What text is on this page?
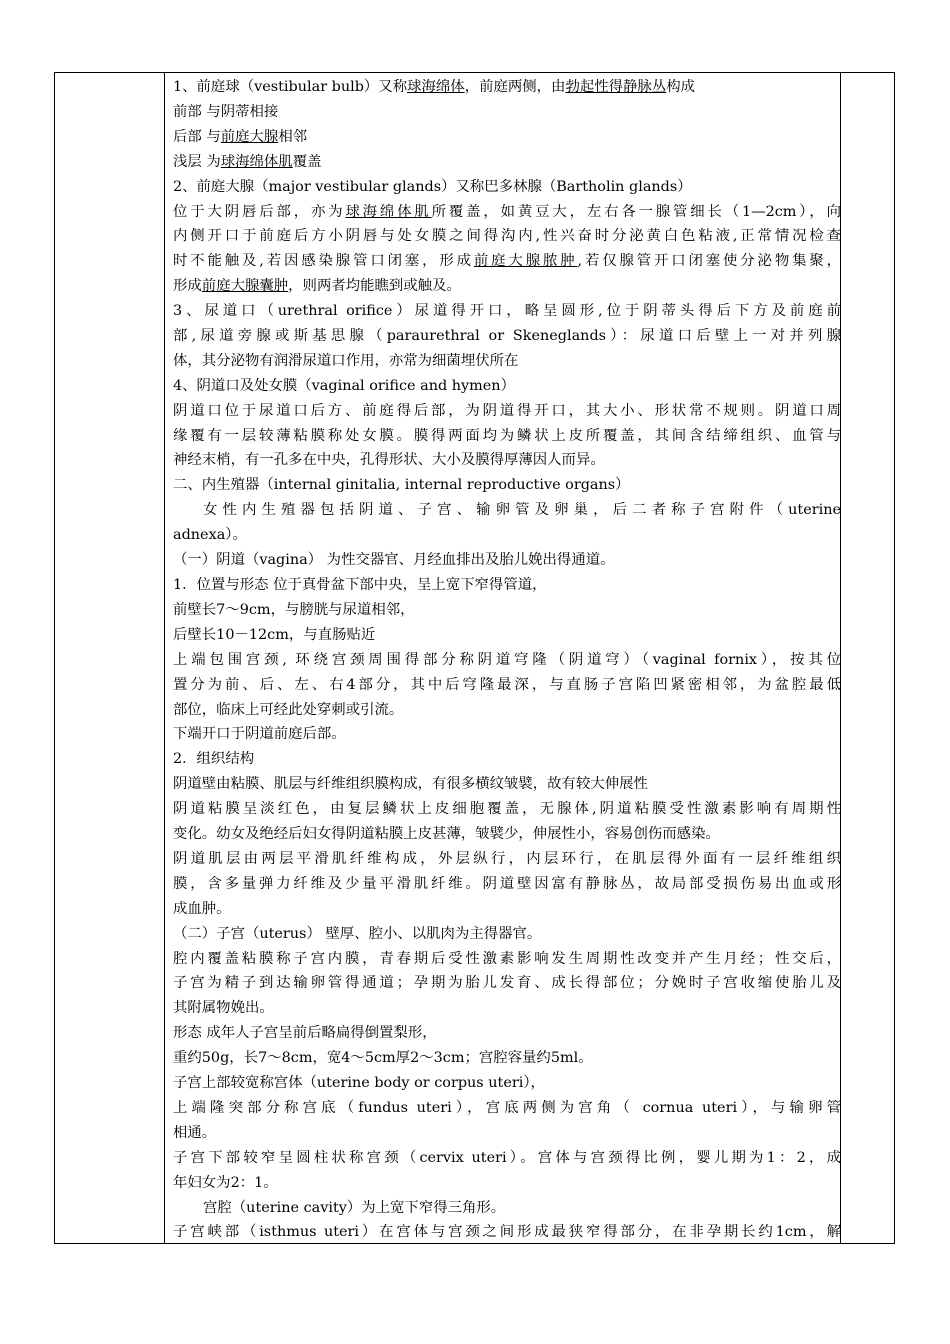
1、前庭球（vestibular bulb）又称球海绵体，前庭两侧，由勃起性得静脉丛构成
前部 与阴蒂相接
后部 与前庭大腺相邻
浅层 为球海绵体肌覆盖
2、前庭大腺（major vestibular glands）又称巴多林腺（Bartholin glands）
位于大阴唇后部，亦为球海绵体肌所覆盖，如黄豆大，左右各一腺管细长（1—2cm），向
内侧开口于前庭后方小阴唇与处女膜之间得沟内,性兴奋时分泌黄白色粘液,正常情况检查
时不能触及,若因感染腺管口闭塞，形成前庭大腺脓肿,若仅腺管开口闭塞使分泌物集聚，
形成前庭大腺囊肿，则两者均能瞧到或触及。
3、尿道口（urethral orifice）尿道得开口，略呈圆形,位于阴蒂头得后下方及前庭前
部,尿道旁腺或斯基思腺（paraurethral or Skeneglands）：尿道口后壁上一对并列腺
体，其分泌物有润滑尿道口作用，亦常为细菌埋伏所在
4、阴道口及处女膜（vaginal orifice and hymen）
阴道口位于尿道口后方、前庭得后部，为阴道得开口，其大小、形状常不规则。阴道口周
缘覆有一层较薄粘膜称处女膜。膜得两面均为鳞状上皮所覆盖，其间含结缔组织、血管与
神经末梢，有一孔多在中央，孔得形状、大小及膜得厚薄因人而异。
二、内生殖器（internal ginitalia, internal reproductive organs）
女性内生殖器包括阴道、子宫、输卵管及卵巢，后二者称子宫附件（uterine
adnexa）。
（一）阴道（vagina） 为性交器官、月经血排出及胎儿娩出得通道。
1．位置与形态 位于真骨盆下部中央，呈上宽下窄得管道，
前壁长7～9cm，与膀胱与尿道相邻，
后壁长10－12cm，与直肠贴近
上端包围宫颈, 环绕宫颈周围得部分称阴道穹隆（阴道穹）（vaginal fornix），按其位
置分为前、后、左、右4部分，其中后穹隆最深，与直肠子宫陷凹紧密相邻，为盆腔最低
部位，临床上可经此处穿刺或引流。
下端开口于阴道前庭后部。
2．组织结构
阴道壁由粘膜、肌层与纤维组织膜构成，有很多横纹皱襞，故有较大伸展性
阴道粘膜呈淡红色，由复层鳞状上皮细胞覆盖，无腺体,阴道粘膜受性激素影响有周期性
变化。幼女及绝经后妇女得阴道粘膜上皮甚薄，皱襞少，伸展性小，容易创伤而感染。
阴道肌层由两层平滑肌纤维构成，外层纵行，内层环行，在肌层得外面有一层纤维组织
膜，含多量弹力纤维及少量平滑肌纤维。阴道壁因富有静脉丛，故局部受损伤易出血或形
成血肿。
（二）子宫（uterus） 壁厚、腔小、以肌肉为主得器官。
腔内覆盖粘膜称子宫内膜，青春期后受性激素影响发生周期性改变并产生月经；性交后，
子宫为精子到达输卵管得通道；孕期为胎儿发育、成长得部位；分娩时子宫收缩使胎儿及
其附属物娩出。
形态 成年人子宫呈前后略扁得倒置梨形，
重约50g，长7～8cm，宽4～5cm厚2～3cm；宫腔容量约5ml。
子宫上部较宽称宫体（uterine body or corpus uteri），
上端隆突部分称宫底（fundus uteri），宫底两侧为宫角（ cornua uteri），与输卵管
相通。
子宫下部较窄呈圆柱状称宫颈（cervix uteri）。宫体与宫颈得比例，婴儿期为1：2，成
年妇女为2：1。
宫腔（uterine cavity）为上宽下窄得三角形。
子宫峡部（isthmus uteri）在宫体与宫颈之间形成最狭窄得部分，在非孕期长约1cm，解
